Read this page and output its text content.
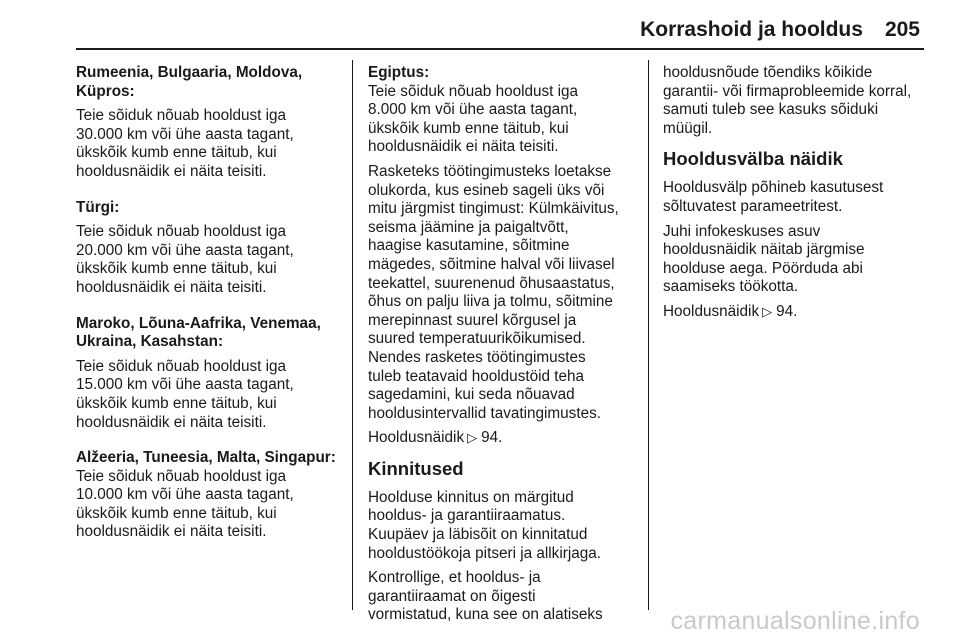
Korrashoid ja hooldus 205
Rumeenia, Bulgaaria, Moldova,
Küpros:
Teie sõiduk nõuab hooldust iga
30.000 km või ühe aasta tagant,
ükskõik kumb enne täitub, kui
hooldusnäidik ei näita teisiti.
Türgi:
Teie sõiduk nõuab hooldust iga
20.000 km või ühe aasta tagant,
ükskõik kumb enne täitub, kui
hooldusnäidik ei näita teisiti.
Maroko, Lõuna-Aafrika, Venemaa,
Ukraina, Kasahstan:
Teie sõiduk nõuab hooldust iga
15.000 km või ühe aasta tagant,
ükskõik kumb enne täitub, kui
hooldusnäidik ei näita teisiti.
Alžeeria, Tuneesia, Malta, Singapur:
Teie sõiduk nõuab hooldust iga
10.000 km või ühe aasta tagant,
ükskõik kumb enne täitub, kui
hooldusnäidik ei näita teisiti.
Egiptus:
Teie sõiduk nõuab hooldust iga
8.000 km või ühe aasta tagant,
ükskõik kumb enne täitub, kui
hooldusnäidik ei näita teisiti.
Rasketeks töötingimusteks loetakse
olukorda, kus esineb sageli üks või
mitu järgmist tingimust: Külmkäivitus,
seisma jäämine ja paigaltvõtt,
haagise kasutamine, sõitmine
mägedes, sõitmine halval või liivasel
teekattel, suurenenud õhusaastatus,
õhus on palju liiva ja tolmu, sõitmine
merepinnast suurel kõrgusel ja
suured temperatuurikõikumised.
Nendes rasketes töötingimustes
tuleb teatavaid hooldustöid teha
sagedamini, kui seda nõuavad
hooldusintervallid tavatingimustes.
Hooldusnäidik ▷ 94.
Kinnitused
Hoolduse kinnitus on märgitud
hooldus- ja garantiiraamatus.
Kuupäev ja läbisõit on kinnitatud
hooldustöökoja pitseri ja allkirjaga.
Kontrollige, et hooldus- ja
garantiiraamat on õigesti
vormistatud, kuna see on alatiseks
hooldusnõude tõendiks kõikide
garantii- või firmaprobleemide korral,
samuti tuleb see kasuks sõiduki
müügil.
Hooldusvälba näidik
Hooldusvälp põhineb kasutusest
sõltuvatest parameetritest.
Juhi infokeskuses asuv
hooldusnäidik näitab järgmise
hoolduse aega. Pöörduda abi
saamiseks töökotta.
Hooldusnäidik ▷ 94.
carmanualsonline.info
